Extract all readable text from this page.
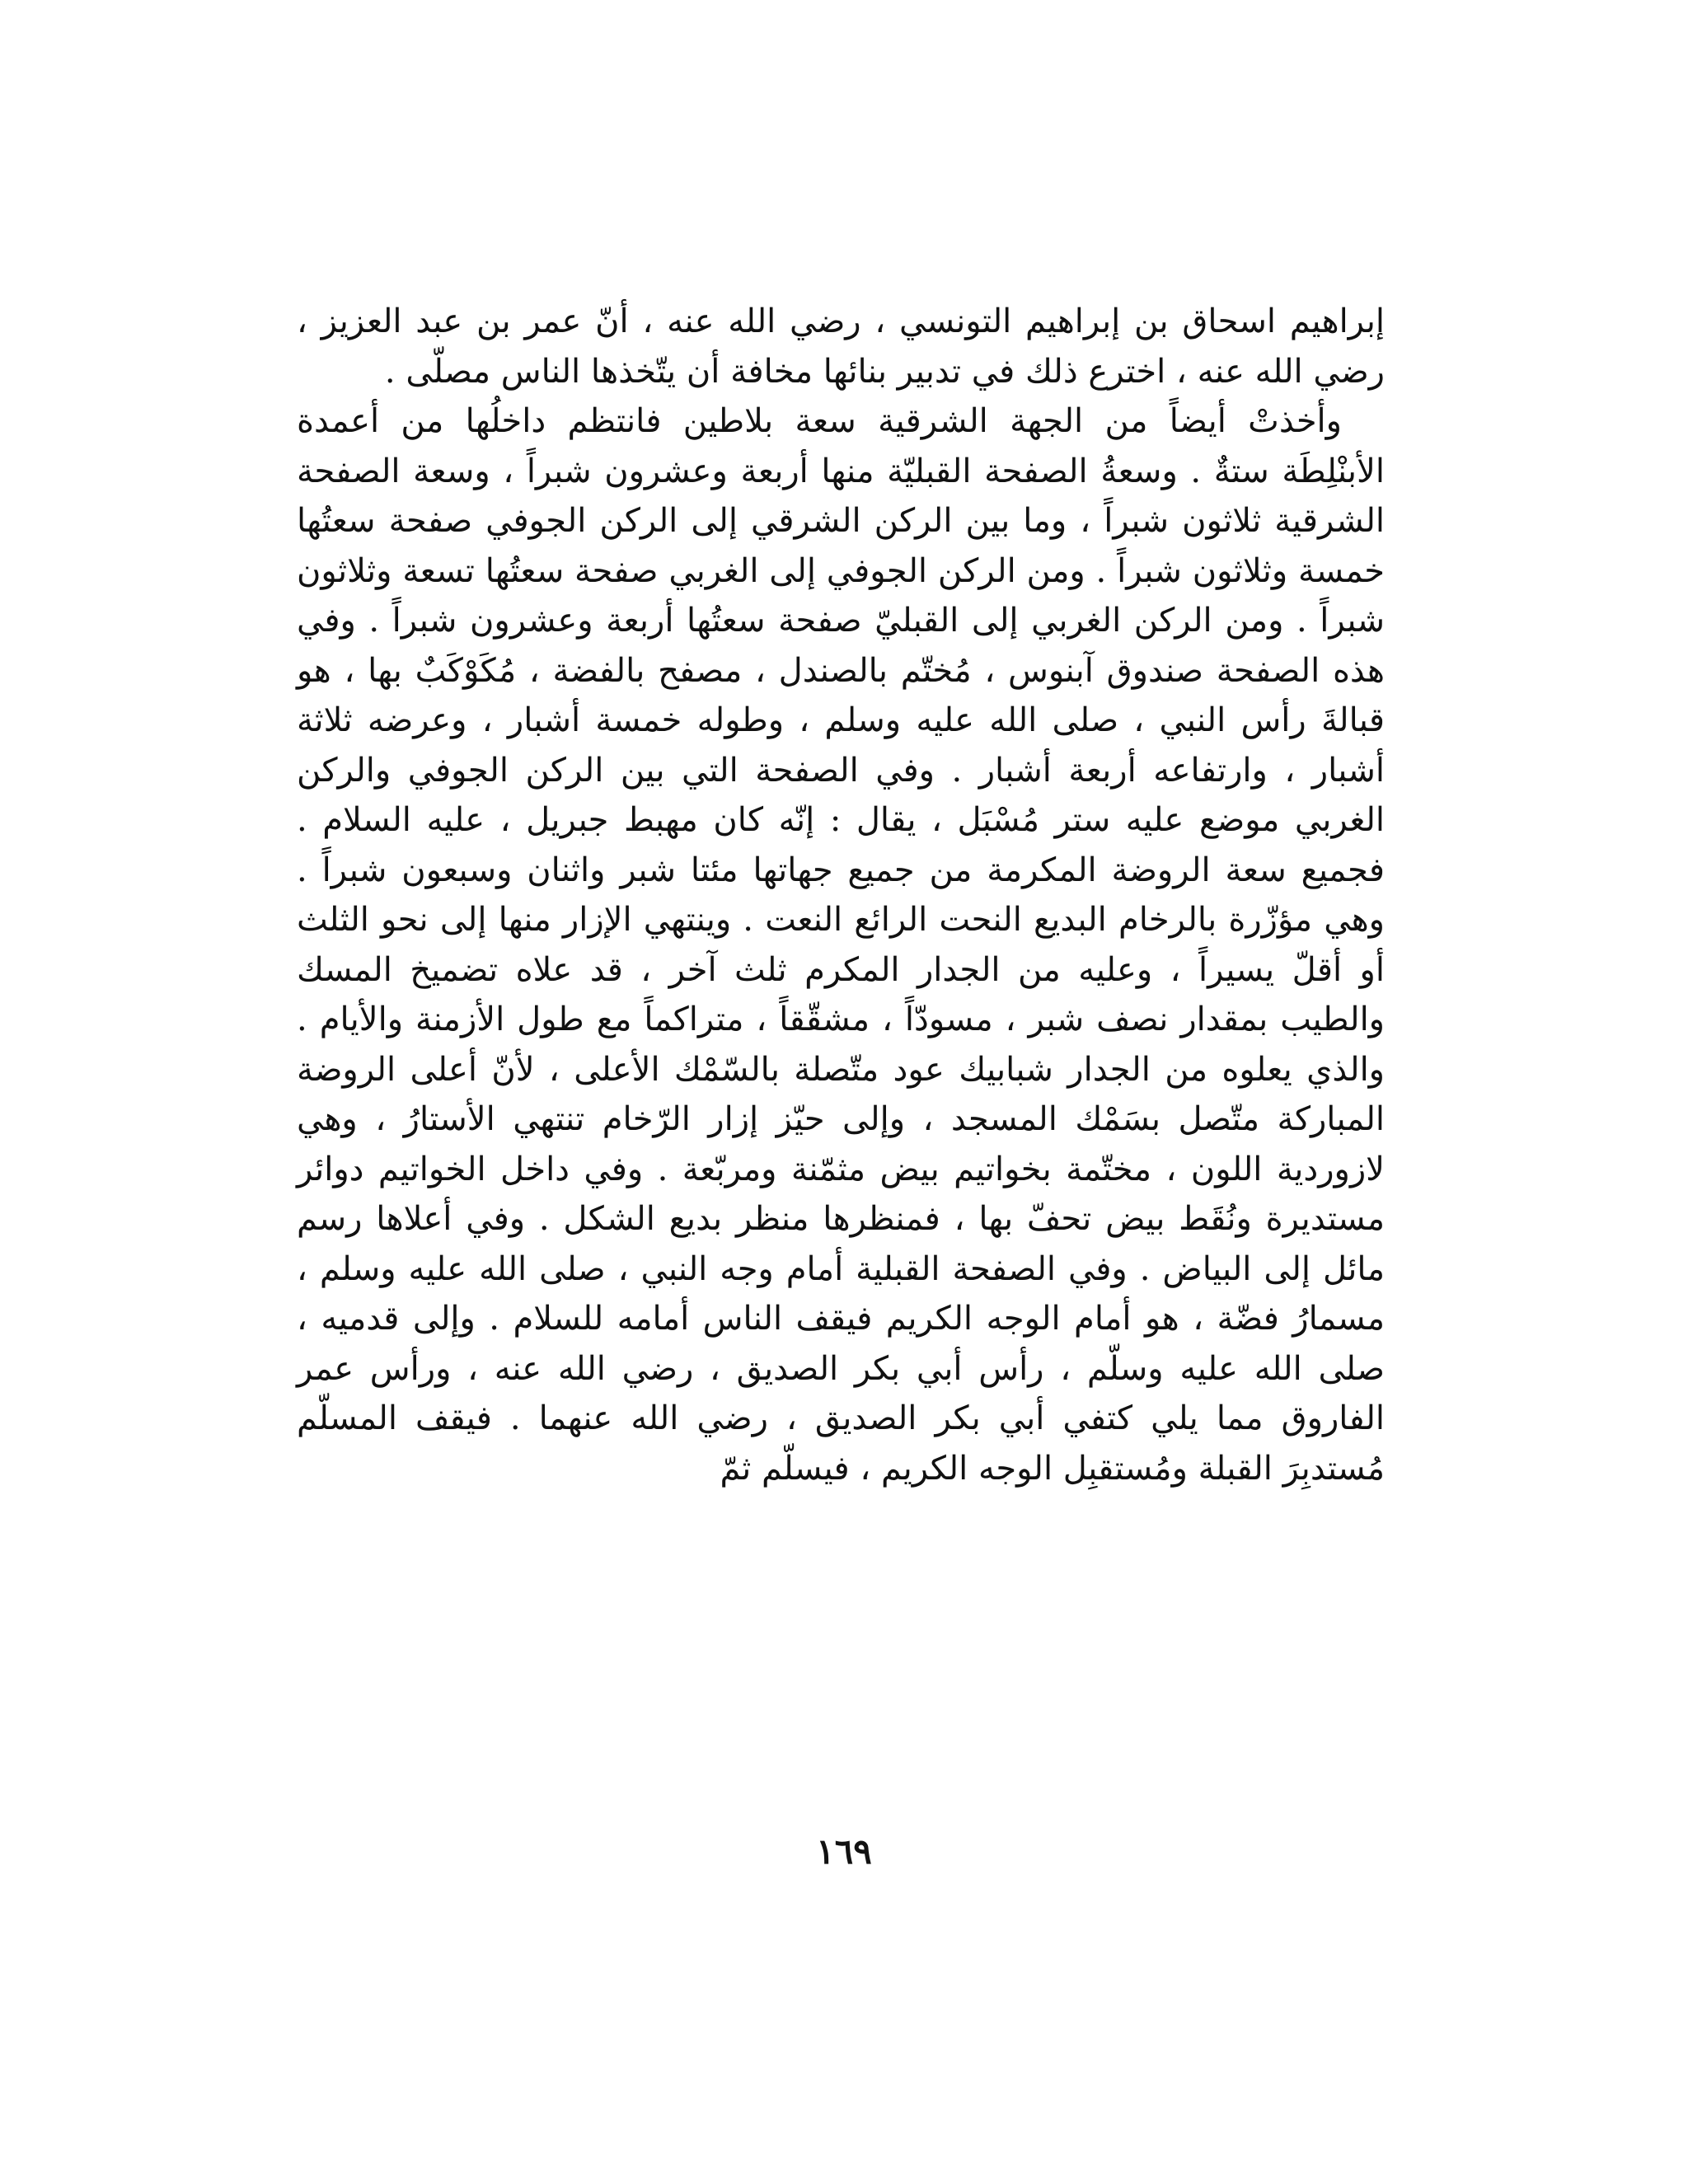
إبراهيم اسحاق بن إبراهيم التونسي ، رضي الله عنه ، أنّ عمر بن عبد العزيز ، رضي الله عنه ، اخترع ذلك في تدبير بنائها مخافة أن يتّخذها الناس مصلّى .

وأخذتْ أيضاً من الجهة الشرقية سعة بلاطين فانتظم داخلُها من أعمدة الأبنْلِطَة ستةٌ . وسعةُ الصفحة القبليّة منها أربعة وعشرون شبراً ، وسعة الصفحة الشرقية ثلاثون شبراً ، وما بين الركن الشرقي إلى الركن الجوفي صفحة سعتُها خمسة وثلاثون شبراً . ومن الركن الجوفي إلى الغربي صفحة سعتُها تسعة وثلاثون شبراً . ومن الركن الغربي إلى القبليّ صفحة سعتُها أربعة وعشرون شبراً . وفي هذه الصفحة صندوق آبنوس ، مُختّم بالصندل ، مصفح بالفضة ، مُكَوْكَبٌ بها ، هو قبالةَ رأس النبي ، صلى الله عليه وسلم ، وطوله خمسة أشبار ، وعرضه ثلاثة أشبار ، وارتفاعه أربعة أشبار . وفي الصفحة التي بين الركن الجوفي والركن الغربي موضع عليه ستر مُسْبَل ، يقال : إنّه كان مهبط جبريل ، عليه السلام . فجميع سعة الروضة المكرمة من جميع جهاتها مئتا شبر واثنان وسبعون شبراً . وهي مؤزّرة بالرخام البديع النحت الرائع النعت . وينتهي الإزار منها إلى نحو الثلث أو أقلّ يسيراً ، وعليه من الجدار المكرم ثلث آخر ، قد علاه تضميخ المسك والطيب بمقدار نصف شبر ، مسودّاً ، مشقّقاً ، متراكماً مع طول الأزمنة والأيام . والذي يعلوه من الجدار شبابيك عود متّصلة بالسّمْك الأعلى ، لأنّ أعلى الروضة المباركة متّصل بسَمْك المسجد ، وإلى حيّز إزار الرّخام تنتهي الأستارُ ، وهي لازوردية اللون ، مختّمة بخواتيم بيض مثمّنة ومربّعة . وفي داخل الخواتيم دوائر مستديرة ونُقَط بيض تحفّ بها ، فمنظرها منظر بديع الشكل . وفي أعلاها رسم مائل إلى البياض . وفي الصفحة القبلية أمام وجه النبي ، صلى الله عليه وسلم ، مسمارُ فضّة ، هو أمام الوجه الكريم فيقف الناس أمامه للسلام . وإلى قدميه ، صلى الله عليه وسلّم ، رأس أبي بكر الصديق ، رضي الله عنه ، ورأس عمر الفاروق مما يلي كتفي أبي بكر الصديق ، رضي الله عنهما . فيقف المسلّم مُستدبِرَ القبلة ومُستقبِل الوجه الكريم ، فيسلّم ثمّ

١٦٩
